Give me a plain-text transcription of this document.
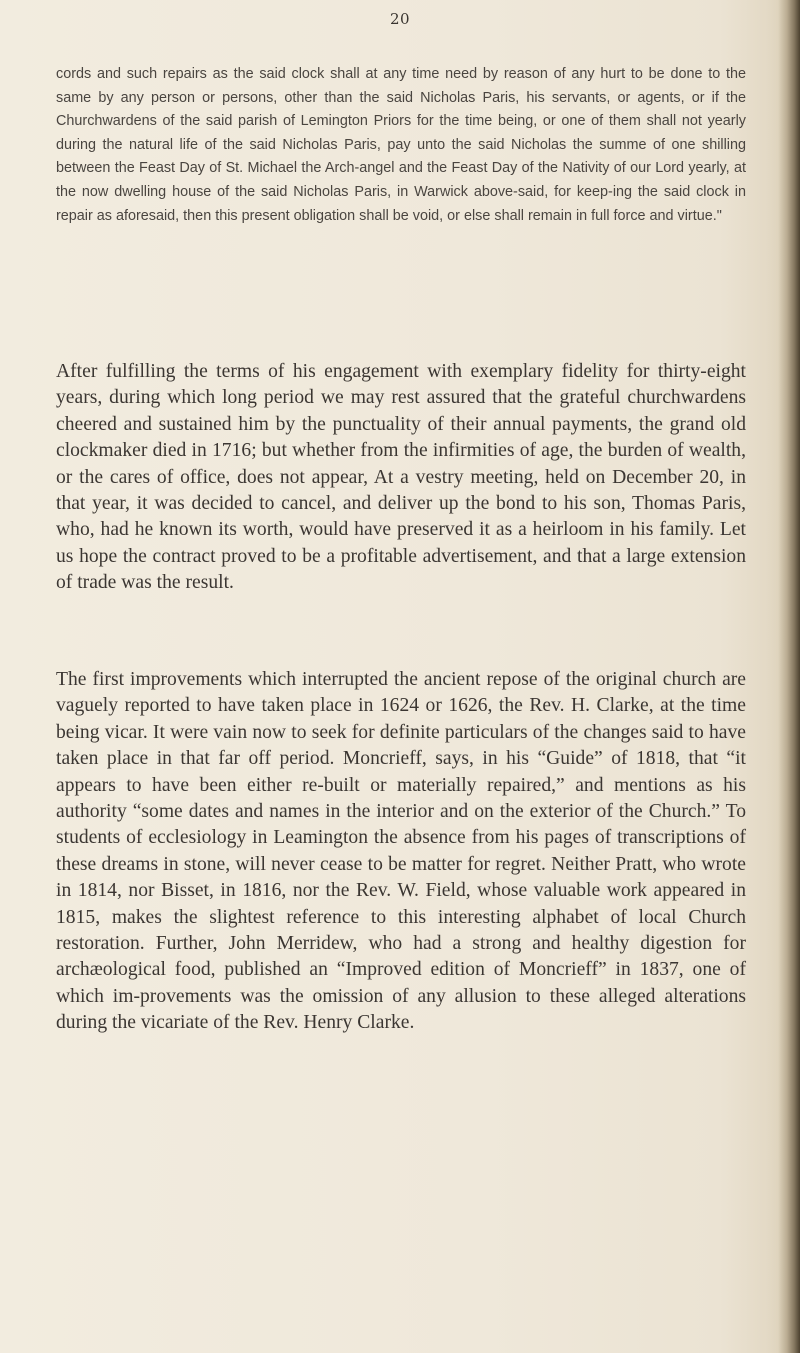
20

cords and such repairs as the said clock shall at any time need by reason of any hurt to be done to the same by any person or persons, other than the said Nicholas Paris, his servants, or agents, or if the Churchwardens of the said parish of Lemington Priors for the time being, or one of them shall not yearly during the natural life of the said Nicholas Paris, pay unto the said Nicholas the summe of one shilling between the Feast Day of St. Michael the Arch-angel and the Feast Day of the Nativity of our Lord yearly, at the now dwelling house of the said Nicholas Paris, in Warwick above-said, for keep-ing the said clock in repair as aforesaid, then this present obligation shall be void, or else shall remain in full force and virtue."

After fulfilling the terms of his engagement with exemplary fidelity for thirty-eight years, during which long period we may rest assured that the grateful churchwardens cheered and sustained him by the punctuality of their annual payments, the grand old clockmaker died in 1716; but whether from the infirmities of age, the burden of wealth, or the cares of office, does not appear, At a vestry meeting, held on December 20, in that year, it was decided to cancel, and deliver up the bond to his son, Thomas Paris, who, had he known its worth, would have preserved it as a heirloom in his family. Let us hope the contract proved to be a profitable advertisement, and that a large extension of trade was the result.

The first improvements which interrupted the ancient repose of the original church are vaguely reported to have taken place in 1624 or 1626, the Rev. H. Clarke, at the time being vicar. It were vain now to seek for definite particulars of the changes said to have taken place in that far off period. Moncrieff, says, in his “Guide” of 1818, that “it appears to have been either re-built or materially repaired,” and mentions as his authority “some dates and names in the interior and on the exterior of the Church.” To students of ecclesiology in Leamington the absence from his pages of transcriptions of these dreams in stone, will never cease to be matter for regret. Neither Pratt, who wrote in 1814, nor Bisset, in 1816, nor the Rev. W. Field, whose valuable work appeared in 1815, makes the slightest reference to this interesting alphabet of local Church restoration. Further, John Merridew, who had a strong and healthy digestion for archæological food, published an “Improved edition of Moncrieff” in 1837, one of which im-provements was the omission of any allusion to these alleged alterations during the vicariate of the Rev. Henry Clarke.
